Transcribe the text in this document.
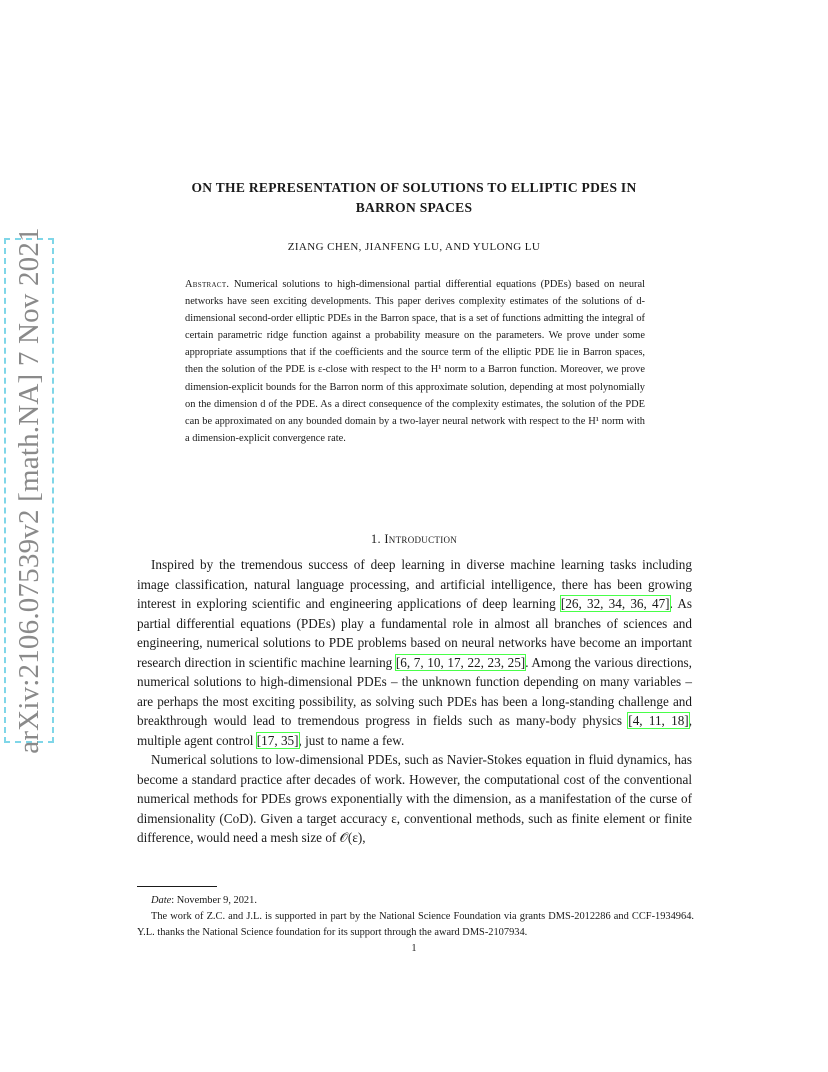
arXiv:2106.07539v2 [math.NA] 7 Nov 2021
ON THE REPRESENTATION OF SOLUTIONS TO ELLIPTIC PDES IN
BARRON SPACES
ZIANG CHEN, JIANFENG LU, AND YULONG LU
Abstract. Numerical solutions to high-dimensional partial differential equations (PDEs) based on neural networks have seen exciting developments. This paper derives complexity estimates of the solutions of d-dimensional second-order elliptic PDEs in the Barron space, that is a set of functions admitting the integral of certain parametric ridge function against a probability measure on the parameters. We prove under some appropriate assumptions that if the coefficients and the source term of the elliptic PDE lie in Barron spaces, then the solution of the PDE is ε-close with respect to the H¹ norm to a Barron function. Moreover, we prove dimension-explicit bounds for the Barron norm of this approximate solution, depending at most polynomially on the dimension d of the PDE. As a direct consequence of the complexity estimates, the solution of the PDE can be approximated on any bounded domain by a two-layer neural network with respect to the H¹ norm with a dimension-explicit convergence rate.
1. Introduction

Inspired by the tremendous success of deep learning in diverse machine learning tasks including image classification, natural language processing, and artificial intelligence, there has been growing interest in exploring scientific and engineering applications of deep learning [26, 32, 34, 36, 47]. As partial differential equations (PDEs) play a fundamental role in almost all branches of sciences and engineering, numerical solutions to PDE problems based on neural networks have become an important research direction in scientific machine learning [6, 7, 10, 17, 22, 23, 25]. Among the various directions, numerical solutions to high-dimensional PDEs – the unknown function depending on many variables – are perhaps the most exciting possibility, as solving such PDEs has been a long-standing challenge and breakthrough would lead to tremendous progress in fields such as many-body physics [4, 11, 18], multiple agent control [17, 35], just to name a few.

Numerical solutions to low-dimensional PDEs, such as Navier-Stokes equation in fluid dynamics, has become a standard practice after decades of work. However, the computational cost of the conventional numerical methods for PDEs grows exponentially with the dimension, as a manifestation of the curse of dimensionality (CoD). Given a target accuracy ε, conventional methods, such as finite element or finite difference, would need a mesh size of 𝒪(ε),

Date: November 9, 2021.

The work of Z.C. and J.L. is supported in part by the National Science Foundation via grants DMS-2012286 and CCF-1934964. Y.L. thanks the National Science foundation for its support through the award DMS-2107934.

1
